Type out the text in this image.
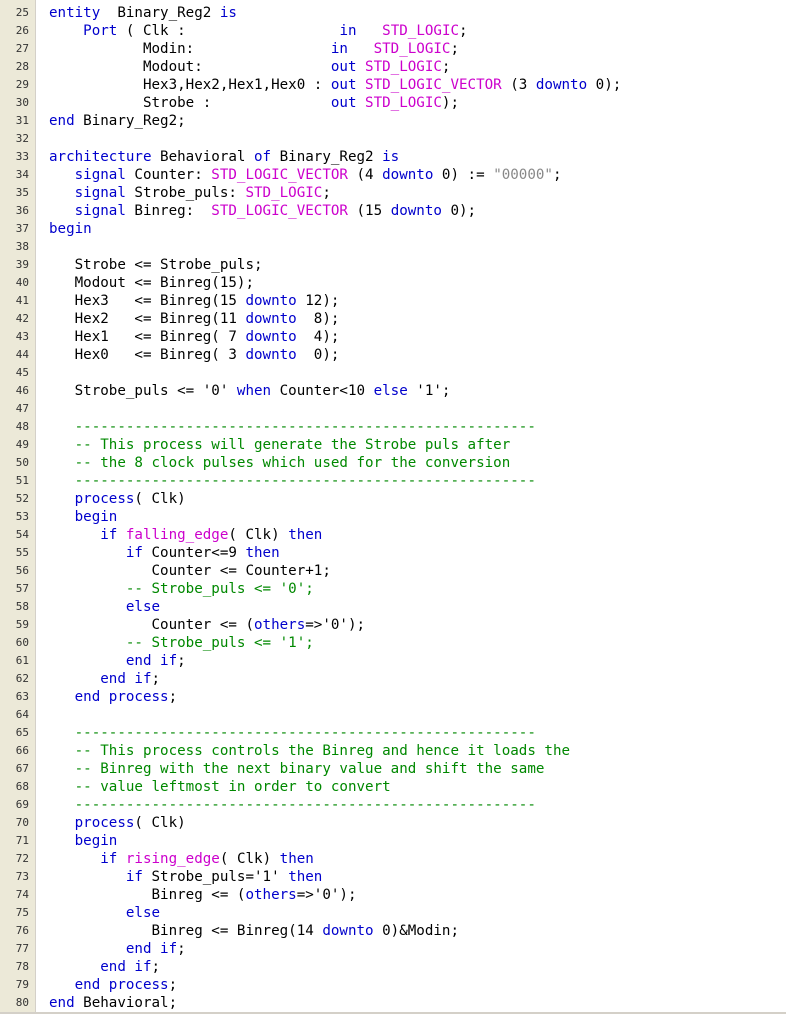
25
26
27
28
29
30
31
32
33
34
35
36
37
38
39
40
41
42
43
44
45
46
47
48
49
50
51
52
53
54
55
56
57
58
59
60
61
62
63
64
65
66
67
68
69
70
71
72
73
74
75
76
77
78
79
80
entity  Binary_Reg2 is
Port ( Clk :                  in STD_LOGIC;
Modin:                in STD_LOGIC;
Modout:               out STD_LOGIC;
Hex3,Hex2,Hex1,Hex0 : out STD_LOGIC_VECTOR (3 downto 0);
Strobe :              out STD_LOGIC);
end Binary_Reg2;
architecture Behavioral of Binary_Reg2 is
signal Counter: STD_LOGIC_VECTOR (4 downto 0) := "00000";
signal Strobe_puls: STD_LOGIC;
signal Binreg:  STD_LOGIC_VECTOR (15 downto 0);
begin
Strobe <= Strobe_puls;
Modout <= Binreg(15);
Hex3   <= Binreg(15 downto 12);
Hex2   <= Binreg(11 downto  8);
Hex1   <= Binreg( 7 downto  4);
Hex0   <= Binreg( 3 downto  0);
Strobe_puls <= '0' when Counter<10 else '1';
------------------------------------------------------
-- This process will generate the Strobe puls after
-- the 8 clock pulses which used for the conversion
------------------------------------------------------
process( Clk)
begin
if falling_edge( Clk) then
if Counter<=9 then
Counter <= Counter+1;
-- Strobe_puls <= '0';
else
Counter <= (others=>'0');
-- Strobe_puls <= '1';
end if;
end if;
end process;
------------------------------------------------------
-- This process controls the Binreg and hence it loads the
-- Binreg with the next binary value and shift the same
-- value leftmost in order to convert
------------------------------------------------------
process( Clk)
begin
if rising_edge( Clk) then
if Strobe_puls='1' then
Binreg <= (others=>'0');
else
Binreg <= Binreg(14 downto 0)&Modin;
end if;
end if;
end process;
end Behavioral;
